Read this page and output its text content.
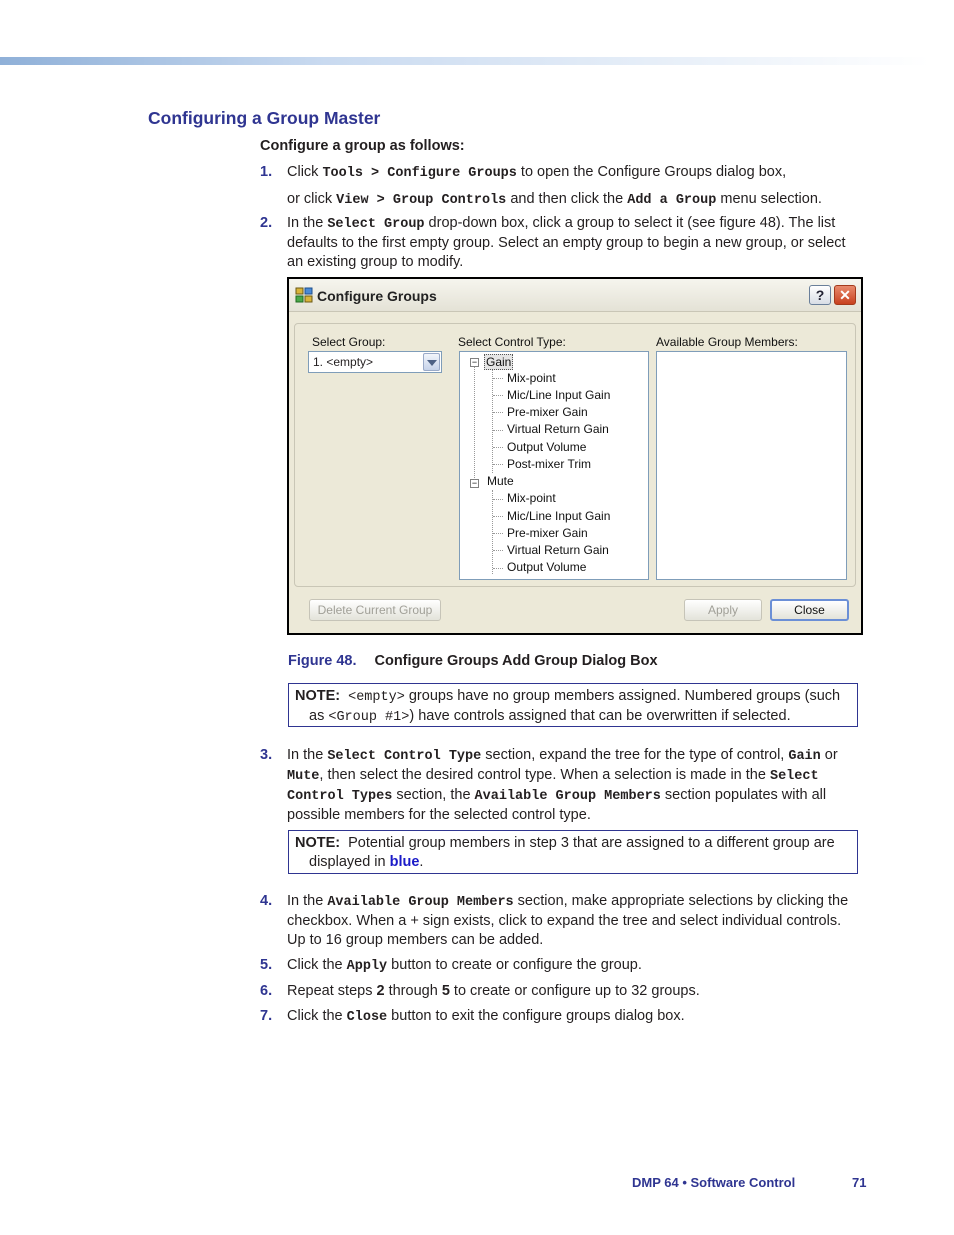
Configuring a Group Master
Configure a group as follows:
1. Click Tools > Configure Groups to open the Configure Groups dialog box,
or click View > Group Controls and then click the Add a Group menu selection.
2. In the Select Group drop-down box, click a group to select it (see figure 48). The list defaults to the first empty group. Select an empty group to begin a new group, or select an existing group to modify.
Configure Groups	?	✕
Select Group:	Select Control Type:	Available Group Members:
1. <empty>	− Gain
Mix-point
Mic/Line Input Gain
Pre-mixer Gain
Virtual Return Gain
Output Volume
Post-mixer Trim
− Mute
Mix-point
Mic/Line Input Gain
Pre-mixer Gain
Virtual Return Gain
Output Volume
Delete Current Group	Apply	Close
Figure 48. Configure Groups Add Group Dialog Box
NOTE: <empty> groups have no group members assigned. Numbered groups (such as <Group #1>) have controls assigned that can be overwritten if selected.
3. In the Select Control Type section, expand the tree for the type of control, Gain or Mute, then select the desired control type. When a selection is made in the Select Control Types section, the Available Group Members section populates with all possible members for the selected control type.
NOTE: Potential group members in step 3 that are assigned to a different group are displayed in blue.
4. In the Available Group Members section, make appropriate selections by clicking the checkbox. When a + sign exists, click to expand the tree and select individual controls. Up to 16 group members can be added.
5. Click the Apply button to create or configure the group.
6. Repeat steps 2 through 5 to create or configure up to 32 groups.
7. Click the Close button to exit the configure groups dialog box.
DMP 64 • Software Control	71
